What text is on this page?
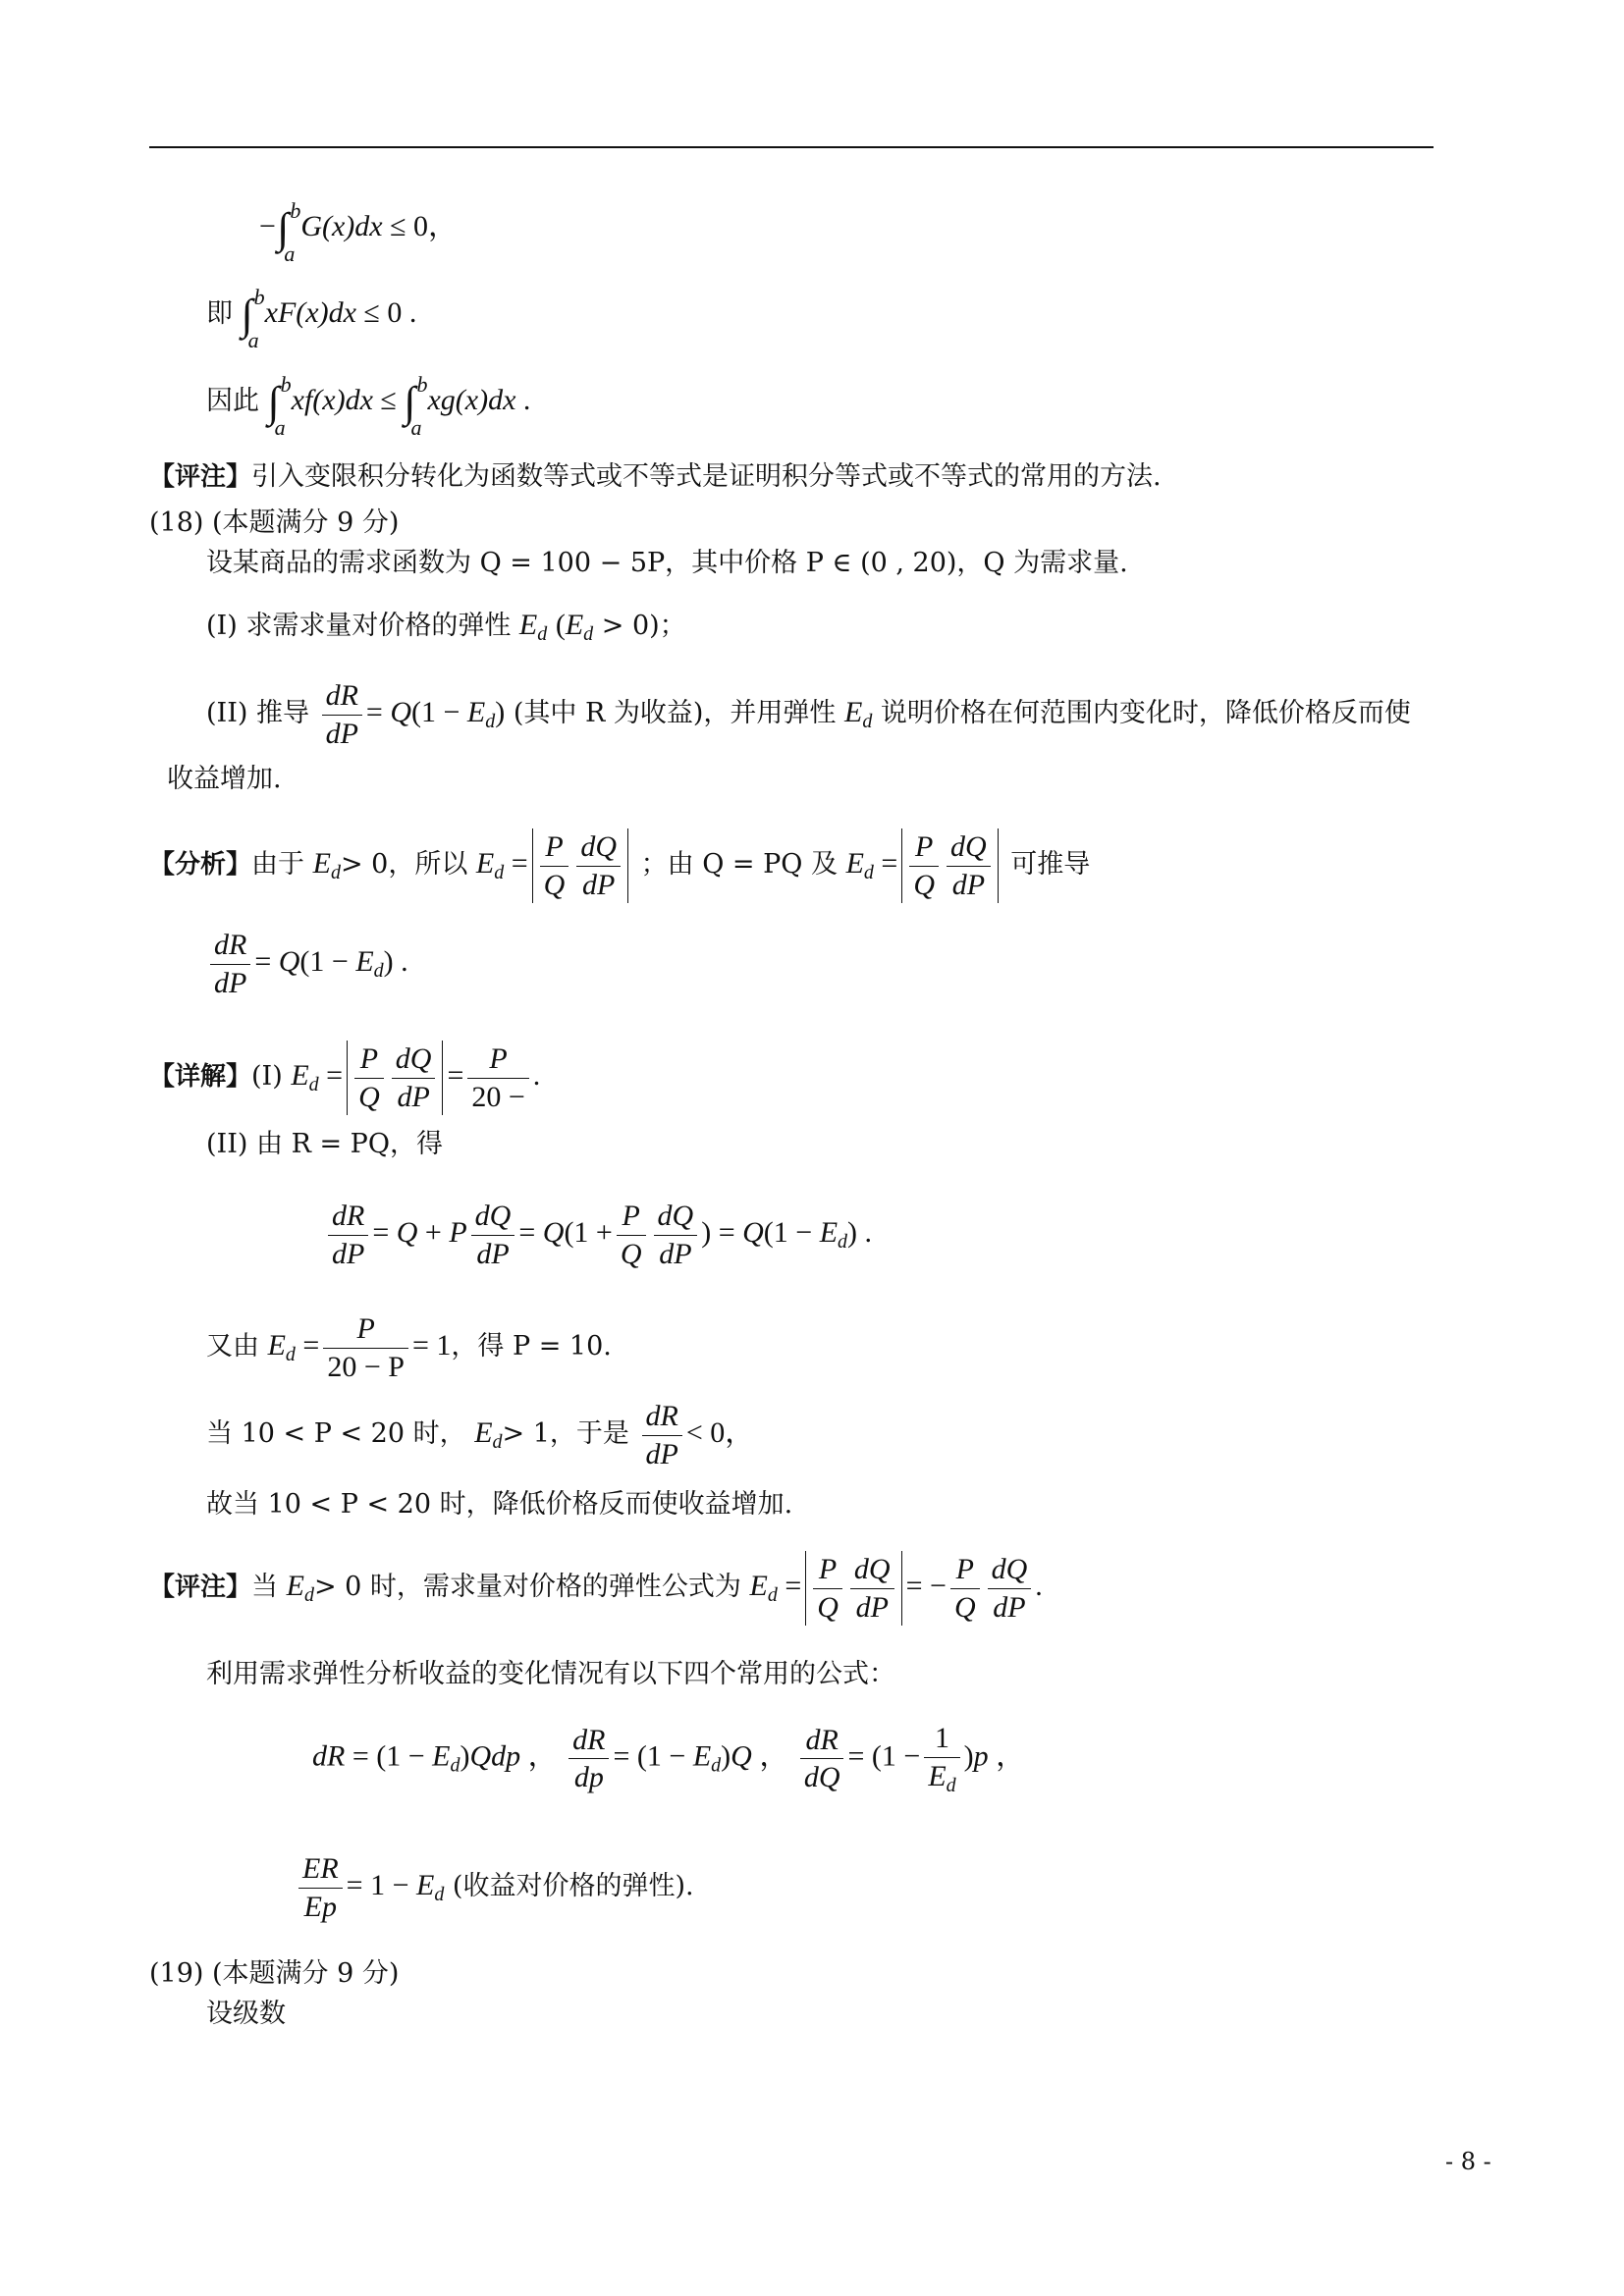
−∫ b
a
G(x)dx ≤ 0，
即 ∫ b
a
xF(x)dx ≤ 0 .
因此 ∫ b
a
xf(x)dx ≤ ∫ b
a
xg(x)dx .
【评注】引入变限积分转化为函数等式或不等式是证明积分等式或不等式的常用的方法.
(18) (本题满分 9 分)
设某商品的需求函数为 Q = 100 − 5P，其中价格 P ∈ (0 , 20)，Q 为需求量.
(I) 求需求量对价格的弹性 $E_d$ $(E_d > 0)$；
(II) 推导 $\frac{dR}{dP} = Q(1 - E_d)$ (其中 R 为收益)，并用弹性 $E_d$ 说明价格在何范围内变化时，降低价格反而使
收益增加.
【分析】由于 $E_d> 0$，所以 $E_d = \frac{P}{Q} \frac{dQ}{dP}$ ；由 Q = PQ 及 $E_d = \frac{P}{Q} \frac{dQ}{dP}$ 可推导
$\frac{dR}{dP} = Q(1 - E_d)$ .
【详解】(I) $E_d = \frac{P}{Q} \frac{dQ}{dP} = \frac{P}{20 -}$ .
(II) 由 R = PQ，得
$\frac{dR}{dP} = Q + P \frac{dQ}{dP} = Q(1 + \frac{P}{Q} \frac{dQ}{dP}$ ) = $Q(1 - E_d)$ .
又由 $E_d = \frac{P}{20 - P} = 1$，得 P = 10.
当 10 < P < 20 时， $E_d> 1$，于是 $\frac{dR}{dP} < 0$，
故当 10 < P < 20 时，降低价格反而使收益增加.
【评注】当 $E_d> 0$ 时，需求量对价格的弹性公式为 $E_d = \frac{P}{Q} \frac{dQ}{dP}$ = − $\frac{P}{Q} \frac{dQ}{dP}$ .
利用需求弹性分析收益的变化情况有以下四个常用的公式：
dR = $(1 - E_d)Qdp$ ， $\frac{dR}{dp} = (1 - E_d)Q$ ， $\frac{dR}{dQ} = (1 - \frac{1}{E_d} )p$ ，
$\frac{ER}{Ep} = 1 - E_d$ (收益对价格的弹性).
(19) (本题满分 9 分)
设级数
- 8 -
